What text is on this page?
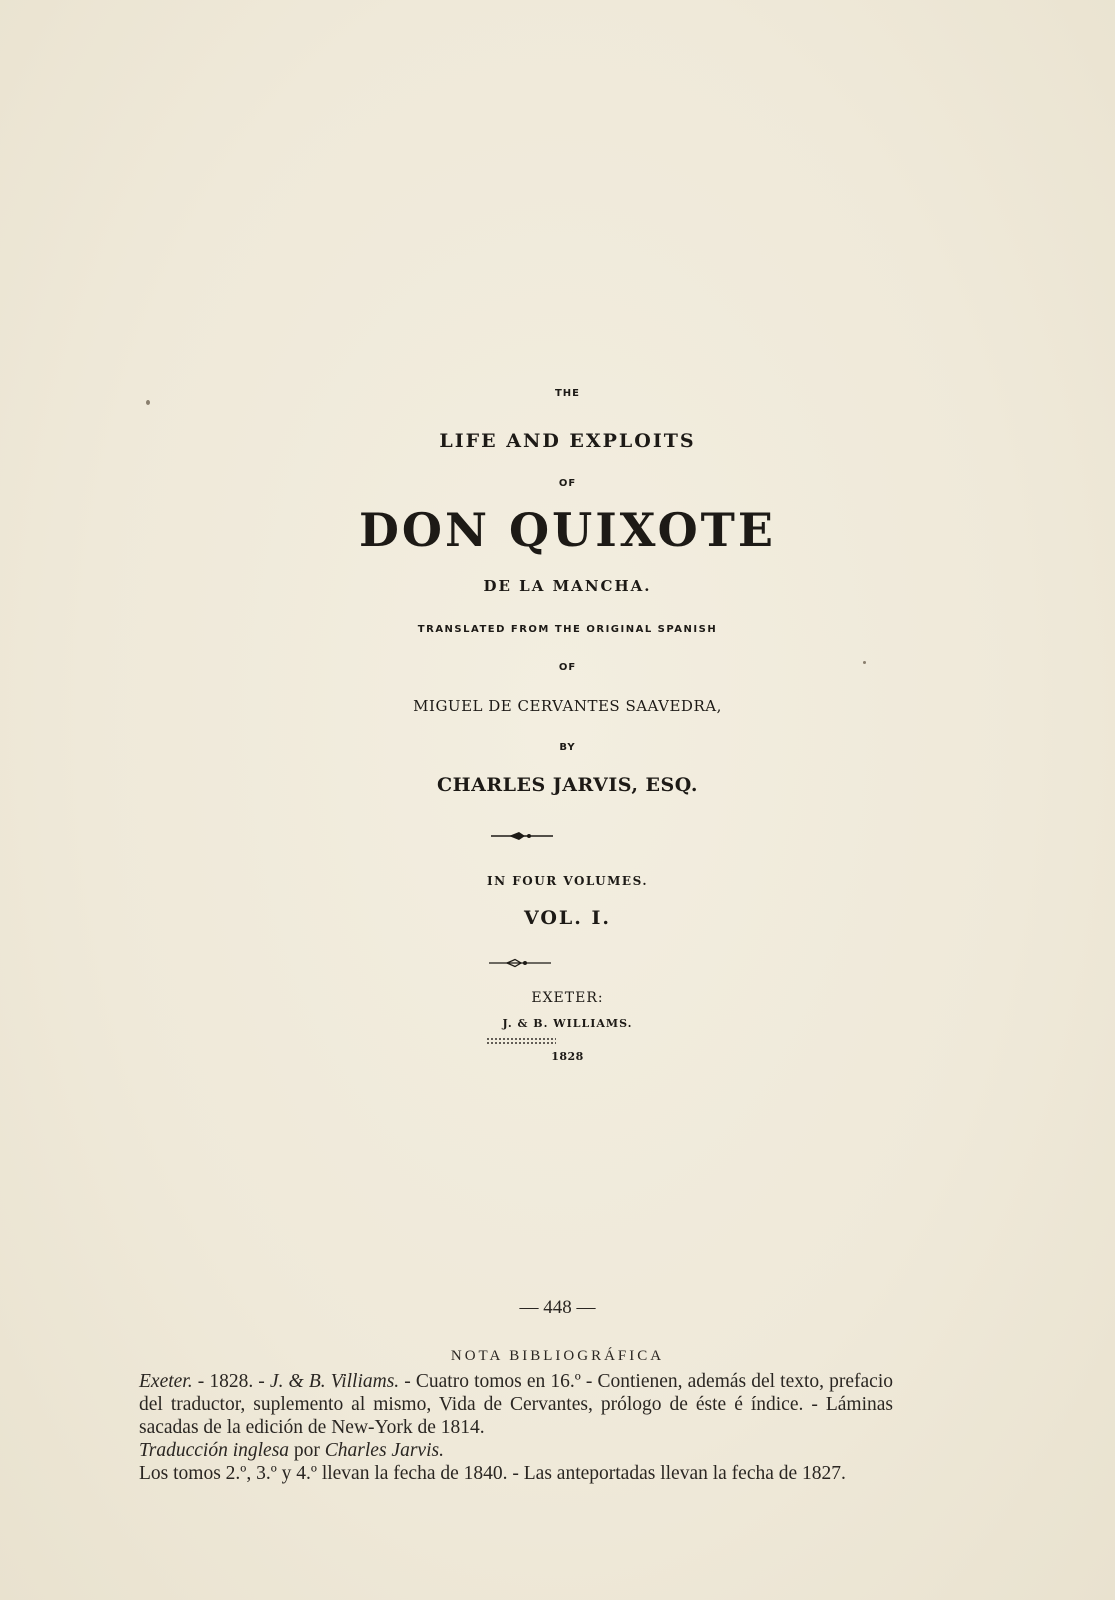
THE
LIFE AND EXPLOITS
OF
DON QUIXOTE
DE LA MANCHA.
TRANSLATED FROM THE ORIGINAL SPANISH
OF
MIGUEL DE CERVANTES SAAVEDRA,
BY
CHARLES JARVIS, ESQ.
IN FOUR VOLUMES.
VOL. I.
EXETER:
J. & B. WILLIAMS.
1828
— 448 —
NOTA BIBLIOGRÁFICA

Exeter. - 1828. - J. & B. Villiams. - Cuatro tomos en 16.º - Contienen, además del texto, prefacio del traductor, suplemento al mismo, Vida de Cervantes, prólogo de éste é índice. - Láminas sacadas de la edición de New-York de 1814.

Traducción inglesa por Charles Jarvis.

Los tomos 2.º, 3.º y 4.º llevan la fecha de 1840. - Las anteportadas llevan la fecha de 1827.
